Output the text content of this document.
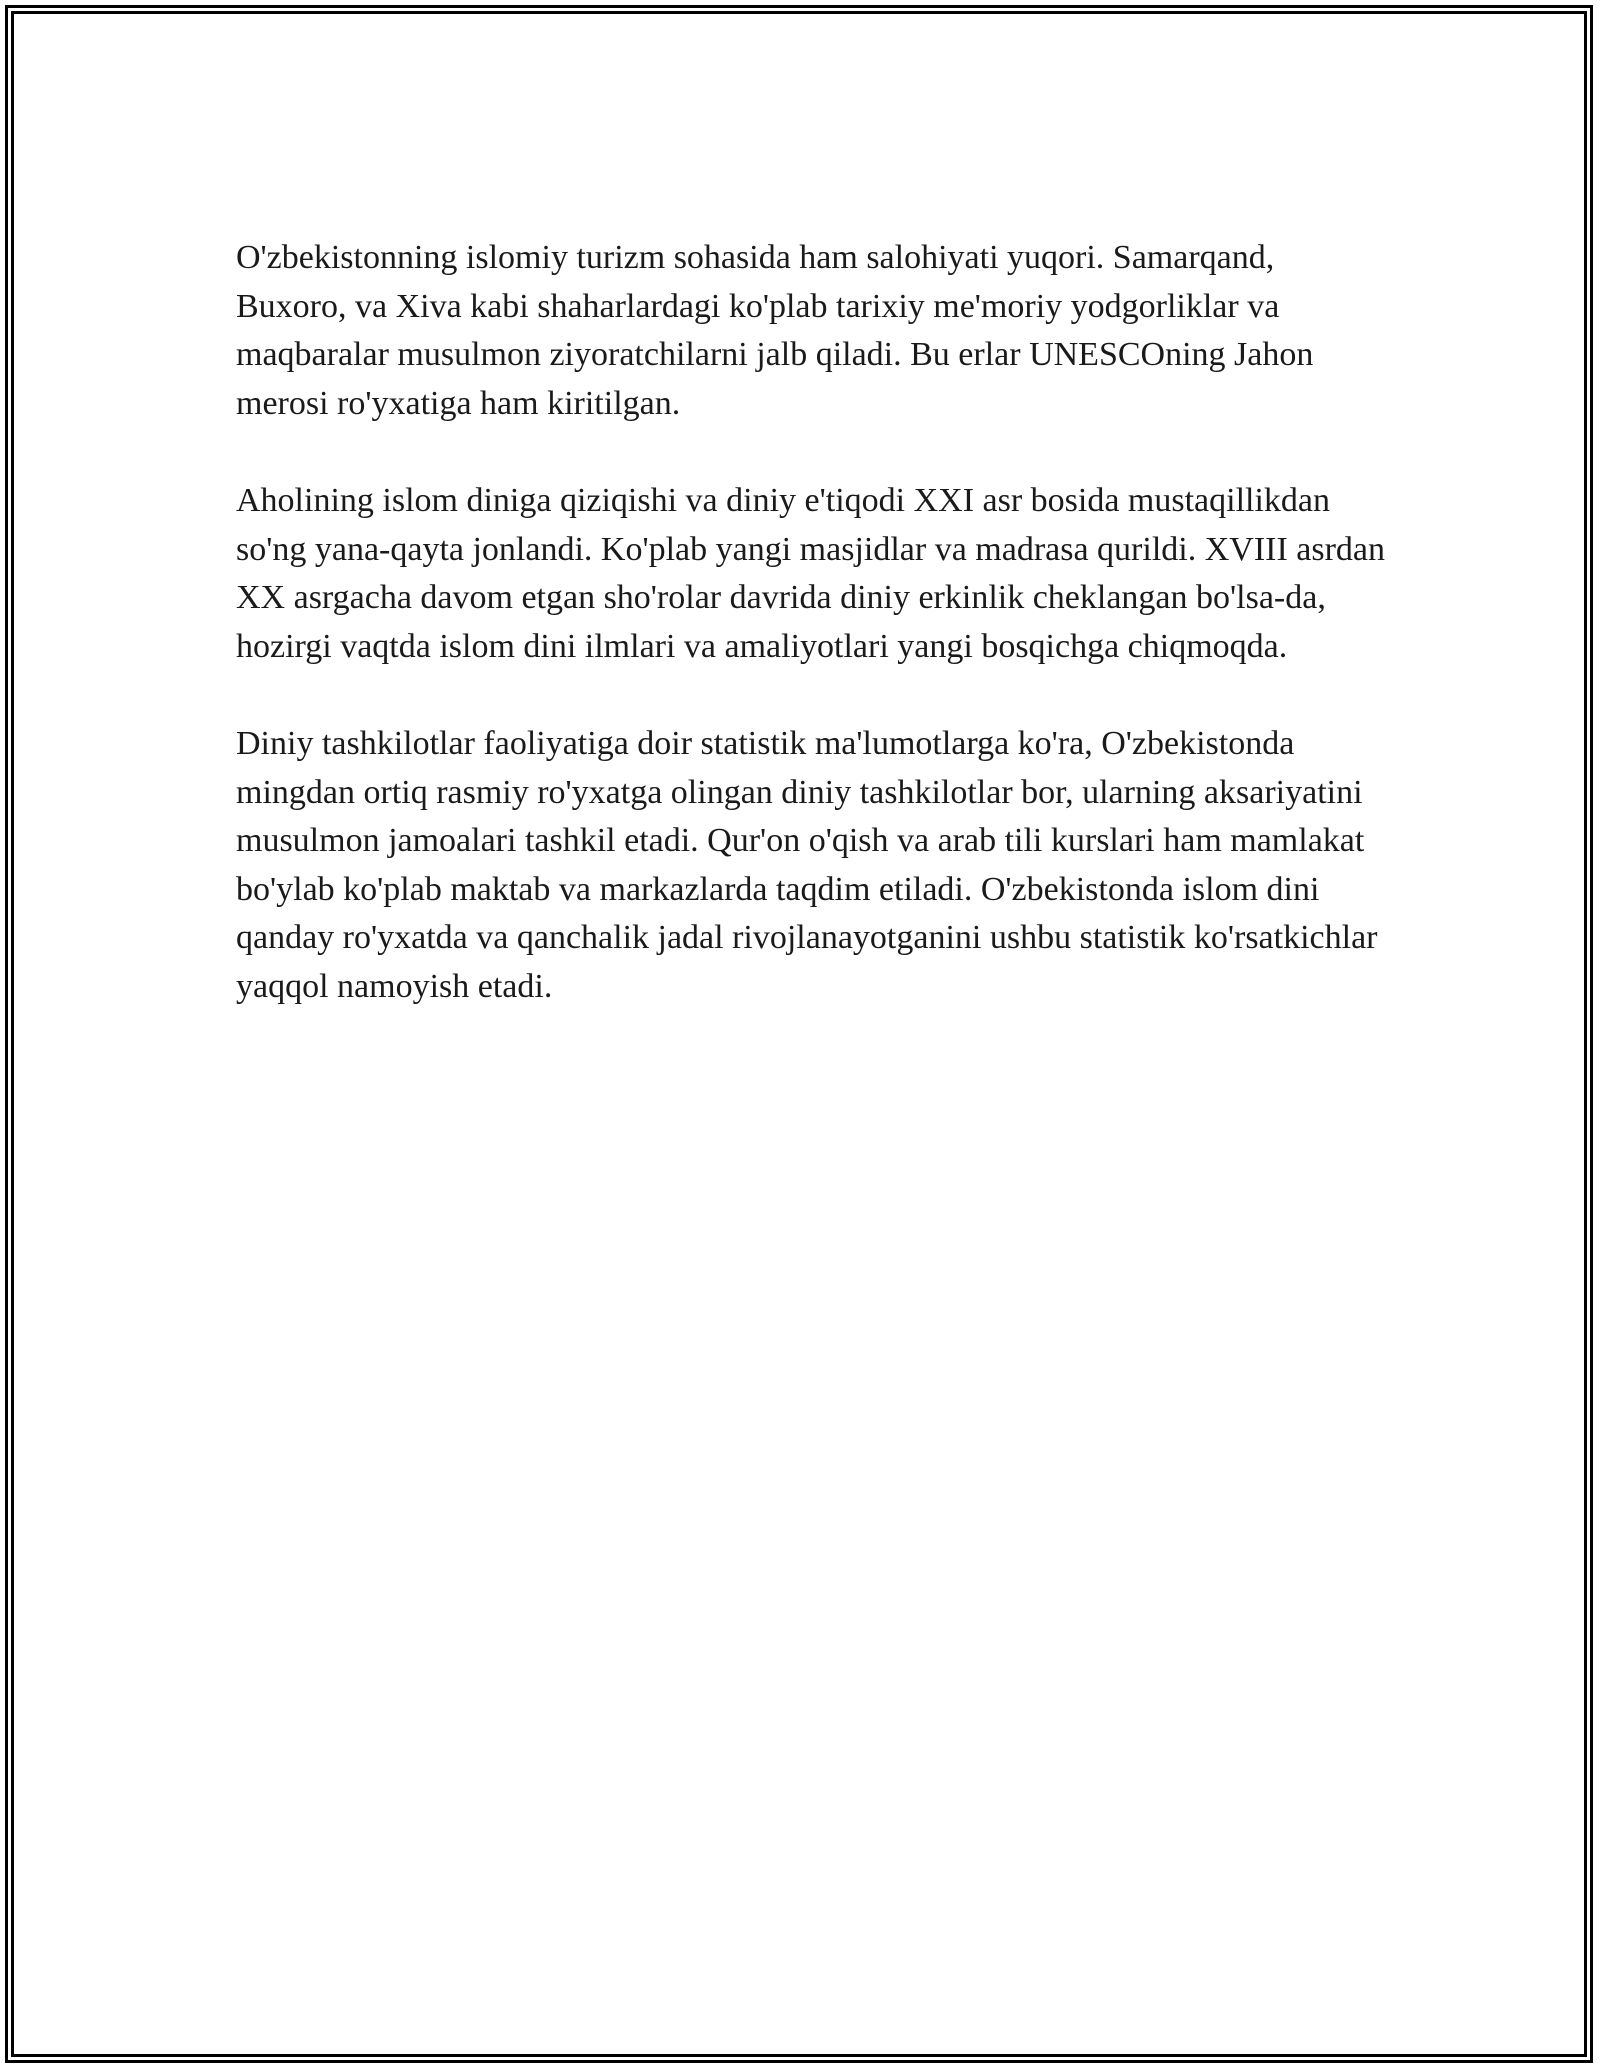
O'zbekistonning islomiy turizm sohasida ham salohiyati yuqori. Samarqand, Buxoro, va Xiva kabi shaharlardagi ko'plab tarixiy me'moriy yodgorliklar va maqbaralar musulmon ziyoratchilarni jalb qiladi. Bu erlar UNESCOning Jahon merosi ro'yxatiga ham kiritilgan.

Aholining islom diniga qiziqishi va diniy e'tiqodi XXI asr bosida mustaqillikdan so'ng yana-qayta jonlandi. Ko'plab yangi masjidlar va madrasa qurildi. XVIII asrdan XX asrgacha davom etgan sho'rolar davrida diniy erkinlik cheklangan bo'lsa-da, hozirgi vaqtda islom dini ilmlari va amaliyotlari yangi bosqichga chiqmoqda.

Diniy tashkilotlar faoliyatiga doir statistik ma'lumotlarga ko'ra, O'zbekistonda mingdan ortiq rasmiy ro'yxatga olingan diniy tashkilotlar bor, ularning aksariyatini musulmon jamoalari tashkil etadi. Qur'on o'qish va arab tili kurslari ham mamlakat bo'ylab ko'plab maktab va markazlarda taqdim etiladi. O'zbekistonda islom dini qanday ro'yxatda va qanchalik jadal rivojlanayotganini ushbu statistik ko'rsatkichlar yaqqol namoyish etadi.
